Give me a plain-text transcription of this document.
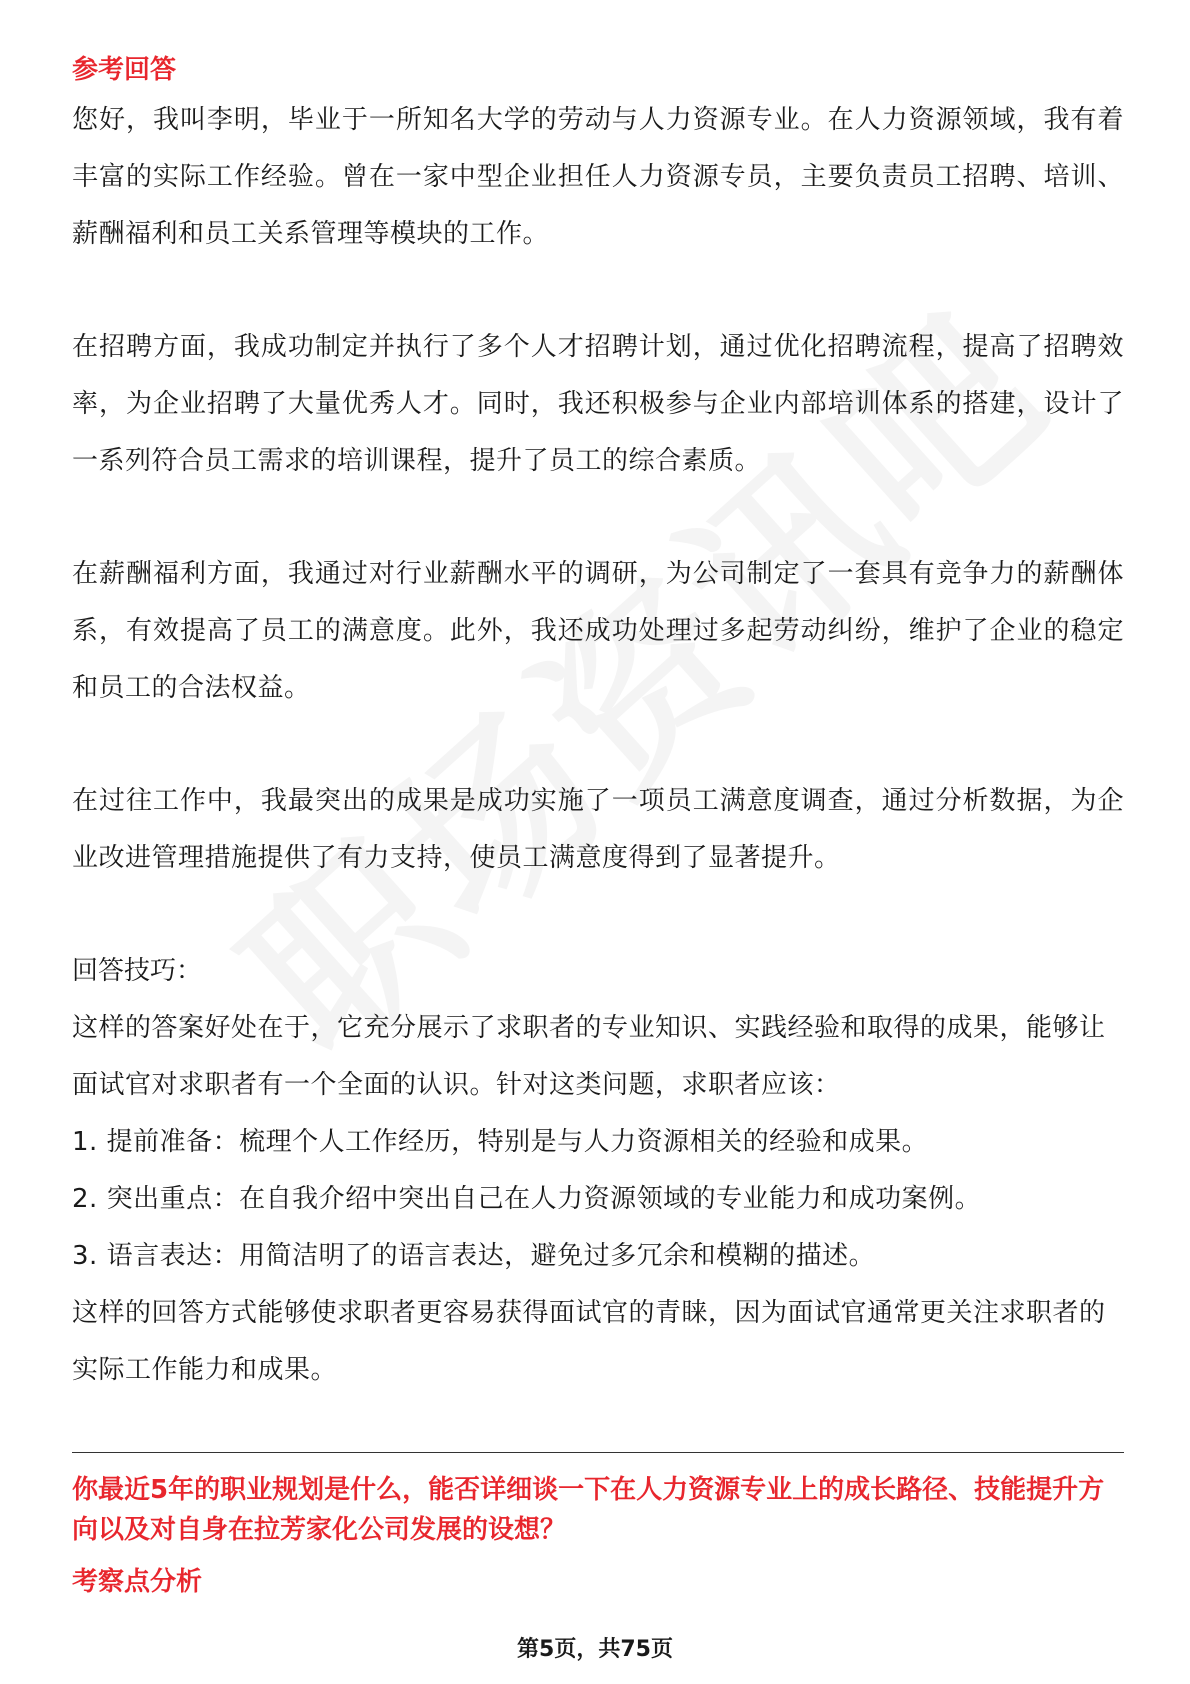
参考回答

您好，我叫李明，毕业于一所知名大学的劳动与人力资源专业。在人力资源领域，我有着丰富的实际工作经验。曾在一家中型企业担任人力资源专员，主要负责员工招聘、培训、薪酬福利和员工关系管理等模块的工作。

在招聘方面，我成功制定并执行了多个人才招聘计划，通过优化招聘流程，提高了招聘效率，为企业招聘了大量优秀人才。同时，我还积极参与企业内部培训体系的搭建，设计了一系列符合员工需求的培训课程，提升了员工的综合素质。

在薪酬福利方面，我通过对行业薪酬水平的调研，为公司制定了一套具有竞争力的薪酬体系，有效提高了员工的满意度。此外，我还成功处理过多起劳动纠纷，维护了企业的稳定和员工的合法权益。

在过往工作中，我最突出的成果是成功实施了一项员工满意度调查，通过分析数据，为企业改进管理措施提供了有力支持，使员工满意度得到了显著提升。

回答技巧：

这样的答案好处在于，它充分展示了求职者的专业知识、实践经验和取得的成果，能够让面试官对求职者有一个全面的认识。针对这类问题，求职者应该：

1. 提前准备：梳理个人工作经历，特别是与人力资源相关的经验和成果。

2. 突出重点：在自我介绍中突出自己在人力资源领域的专业能力和成功案例。

3. 语言表达：用简洁明了的语言表达，避免过多冗余和模糊的描述。

这样的回答方式能够使求职者更容易获得面试官的青睐，因为面试官通常更关注求职者的实际工作能力和成果。

你最近5年的职业规划是什么，能否详细谈一下在人力资源专业上的成长路径、技能提升方向以及对自身在拉芳家化公司发展的设想？

考察点分析

第5页，共75页
